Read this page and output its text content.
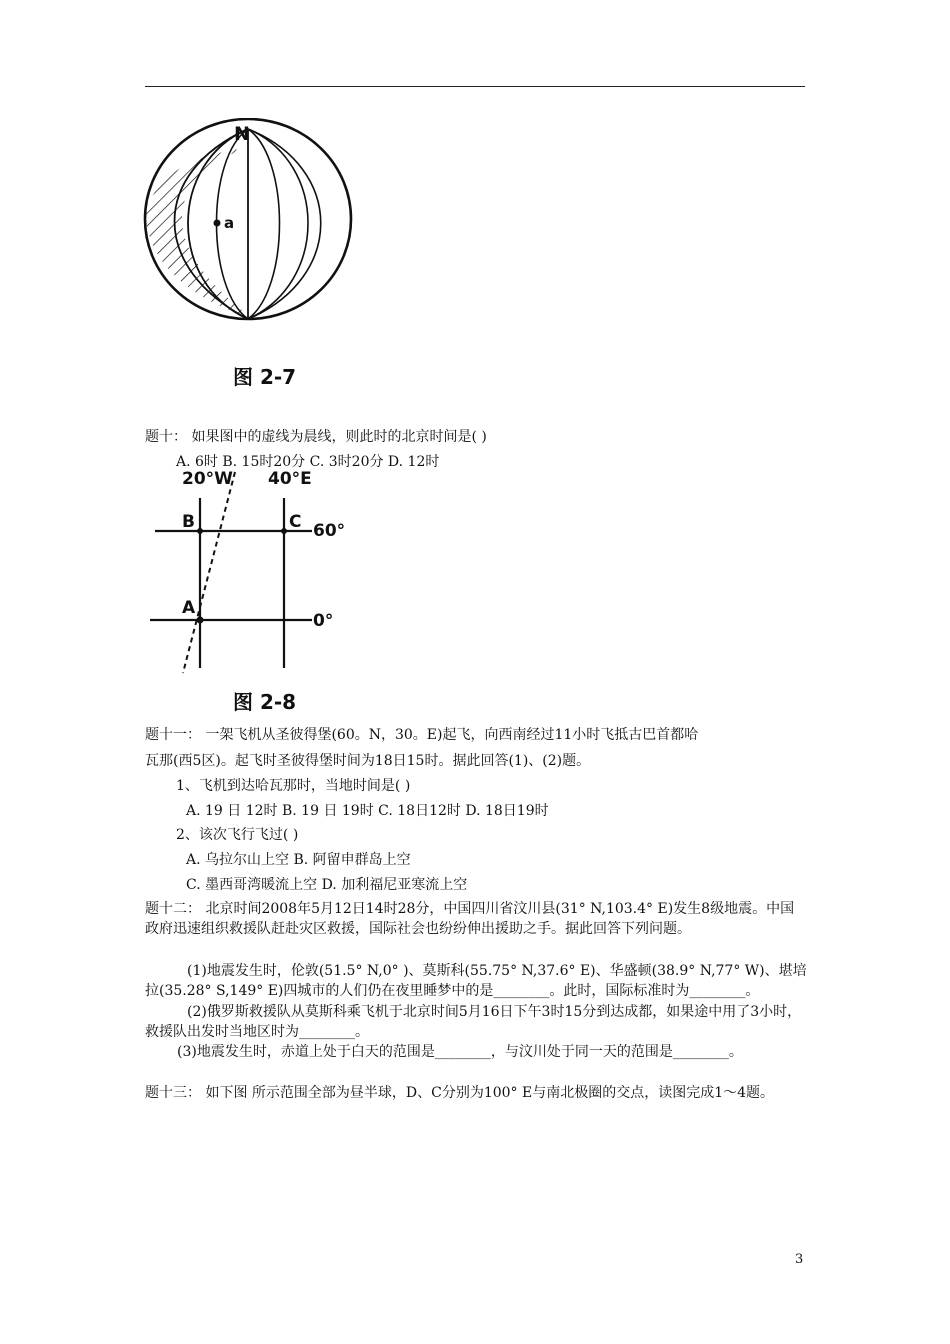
N
a
图 2-7
题十： 如果图中的虚线为晨线，则此时的北京时间是( )
A. 6时 B. 15时20分 C. 3时20分 D. 12时
20°W 40°E
B	C 60°
A
0°
图 2-8
题十一： 一架飞机从圣彼得堡(60。N，30。E)起飞，向西南经过11小时飞抵古巴首都哈
瓦那(西5区)。起飞时圣彼得堡时间为18日15时。据此回答(1)、(2)题。
1、飞机到达哈瓦那时，当地时间是( )
A. 19 日 12时 B. 19 日 19时 C. 18日12时 D. 18日19时
2、该次飞行飞过( )
A. 乌拉尔山上空 B. 阿留申群岛上空
C. 墨西哥湾暖流上空 D. 加利福尼亚寒流上空
题十二： 北京时间2008年5月12日14时28分，中国四川省汶川县(31° N,103.4° E)发生8级地震。中国政府迅速组织救援队赶赴灾区救援，国际社会也纷纷伸出援助之手。据此回答下列问题。
(1)地震发生时，伦敦(51.5° N,0° )、莫斯科(55.75° N,37.6° E)、华盛顿(38.9° N,77° W)、堪培拉(35.28° S,149° E)四城市的人们仍在夜里睡梦中的是________。此时，国际标准时为________。
(2)俄罗斯救援队从莫斯科乘飞机于北京时间5月16日下午3时15分到达成都，如果途中用了3小时，救援队出发时当地区时为________。
(3)地震发生时，赤道上处于白天的范围是________，与汶川处于同一天的范围是________。
题十三： 如下图 所示范围全部为昼半球，D、C分别为100° E与南北极圈的交点，读图完成1～4题。
3
